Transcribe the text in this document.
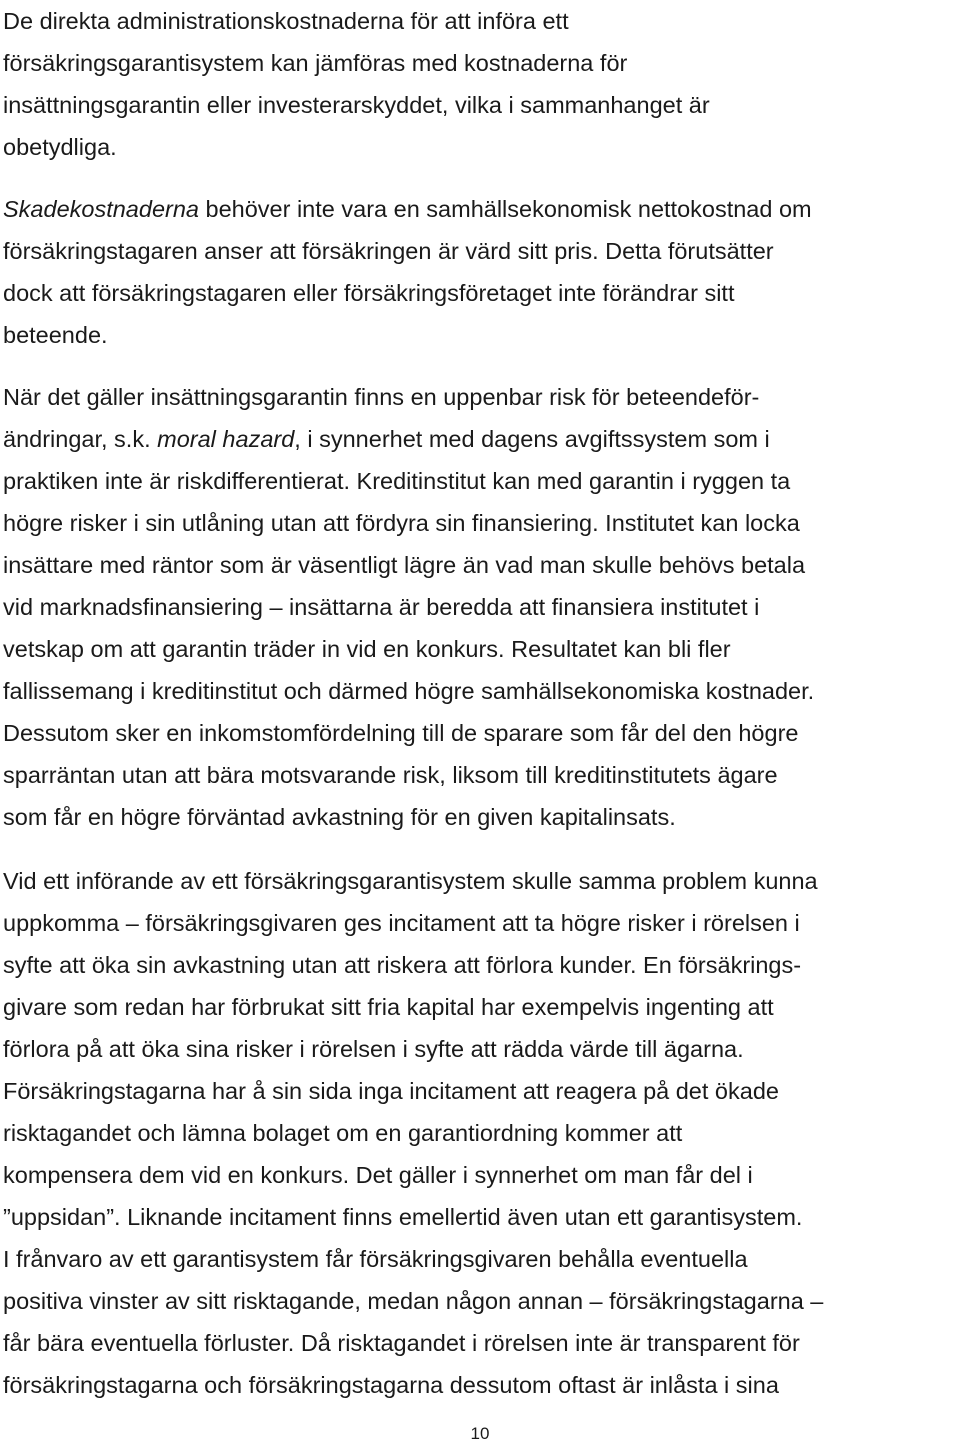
De direkta administrationskostnaderna för att införa ett
försäkringsgarantisystem kan jämföras med kostnaderna för
insättningsgarantin eller investerarskyddet, vilka i sammanhanget är
obetydliga.
Skadekostnaderna behöver inte vara en samhällsekonomisk nettokostnad om
försäkringstagaren anser att försäkringen är värd sitt pris. Detta förutsätter
dock att försäkringstagaren eller försäkringsföretaget inte förändrar sitt
beteende.
När det gäller insättningsgarantin finns en uppenbar risk för beteendeför-
ändringar, s.k. moral hazard, i synnerhet med dagens avgiftssystem som i
praktiken inte är riskdifferentierat. Kreditinstitut kan med garantin i ryggen ta
högre risker i sin utlåning utan att fördyra sin finansiering. Institutet kan locka
insättare med räntor som är väsentligt lägre än vad man skulle behövs betala
vid marknadsfinansiering – insättarna är beredda att finansiera institutet i
vetskap om att garantin träder in vid en konkurs. Resultatet kan bli fler
fallissemang i kreditinstitut och därmed högre samhällsekonomiska kostnader.
Dessutom sker en inkomstomfördelning till de sparare som får del den högre
sparräntan utan att bära motsvarande risk, liksom till kreditinstitutets ägare
som får en högre förväntad avkastning för en given kapitalinsats.
Vid ett införande av ett försäkringsgarantisystem skulle samma problem kunna
uppkomma – försäkringsgivaren ges incitament att ta högre risker i rörelsen i
syfte att öka sin avkastning utan att riskera att förlora kunder. En försäkrings-
givare som redan har förbrukat sitt fria kapital har exempelvis ingenting att
förlora på att öka sina risker i rörelsen i syfte att rädda värde till ägarna.
Försäkringstagarna har å sin sida inga incitament att reagera på det ökade
risktagandet och lämna bolaget om en garantiordning kommer att
kompensera dem vid en konkurs. Det gäller i synnerhet om man får del i
”uppsidan”. Liknande incitament finns emellertid även utan ett garantisystem.
I frånvaro av ett garantisystem får försäkringsgivaren behålla eventuella
positiva vinster av sitt risktagande, medan någon annan – försäkringstagarna –
får bära eventuella förluster. Då risktagandet i rörelsen inte är transparent för
försäkringstagarna och försäkringstagarna dessutom oftast är inlåsta i sina
10
